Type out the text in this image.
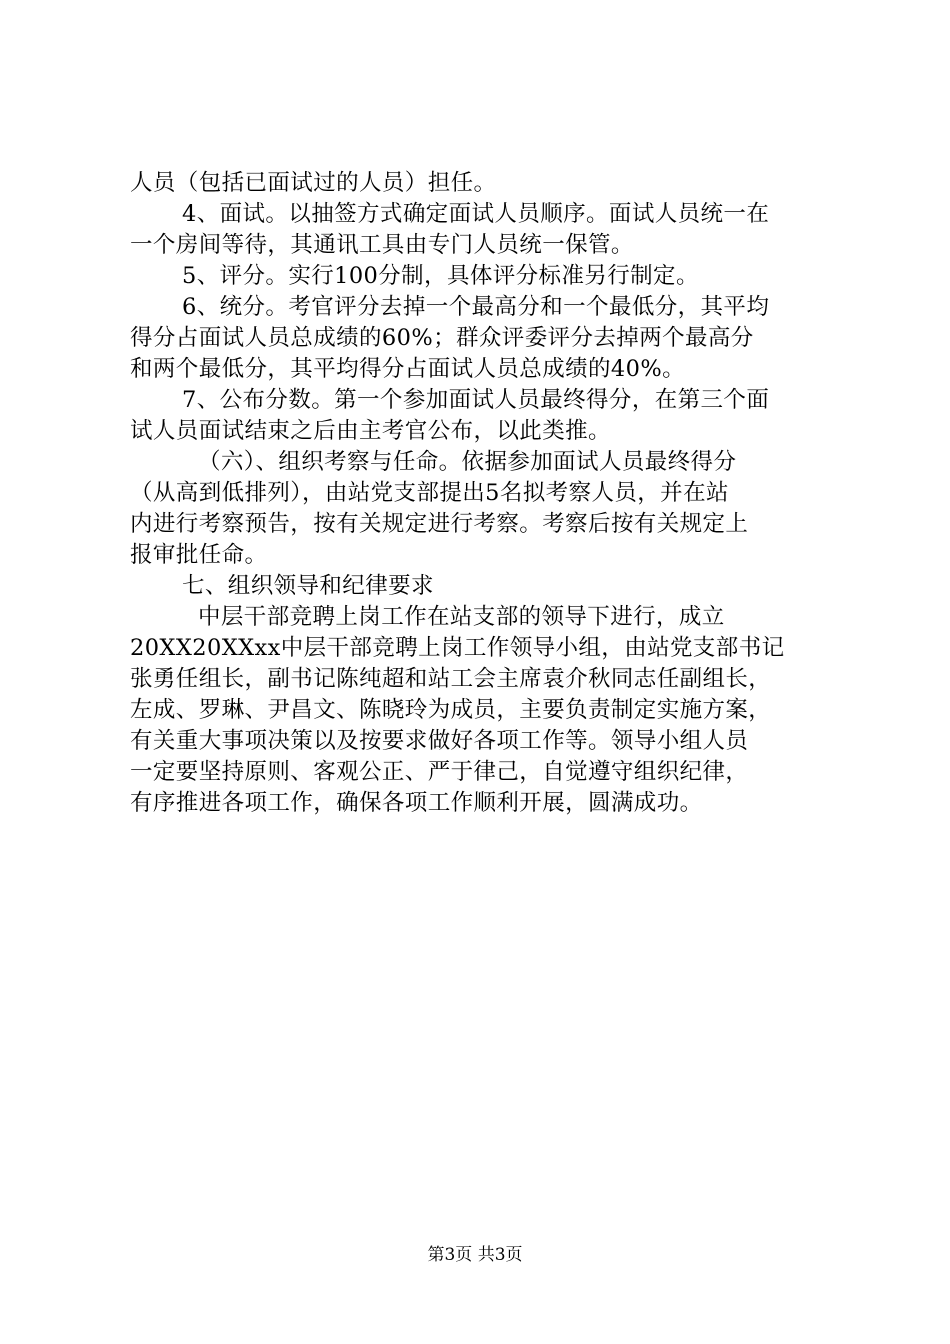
人员（包括已面试过的人员）担任。
4、面试。以抽签方式确定面试人员顺序。面试人员统一在
一个房间等待，其通讯工具由专门人员统一保管。
5、评分。实行100分制，具体评分标准另行制定。
6、统分。考官评分去掉一个最高分和一个最低分，其平均
得分占面试人员总成绩的60%；群众评委评分去掉两个最高分
和两个最低分，其平均得分占面试人员总成绩的40%。
7、公布分数。第一个参加面试人员最终得分，在第三个面
试人员面试结束之后由主考官公布，以此类推。
（六）、组织考察与任命。依据参加面试人员最终得分
（从高到低排列），由站党支部提出5名拟考察人员，并在站
内进行考察预告，按有关规定进行考察。考察后按有关规定上
报审批任命。
七、组织领导和纪律要求
中层干部竞聘上岗工作在站支部的领导下进行，成立
20XX20XXxx中层干部竞聘上岗工作领导小组，由站党支部书记
张勇任组长，副书记陈纯超和站工会主席袁介秋同志任副组长，
左成、罗琳、尹昌文、陈晓玲为成员，主要负责制定实施方案，
有关重大事项决策以及按要求做好各项工作等。领导小组人员
一定要坚持原则、客观公正、严于律己，自觉遵守组织纪律，
有序推进各项工作，确保各项工作顺利开展，圆满成功。
第3页 共3页
